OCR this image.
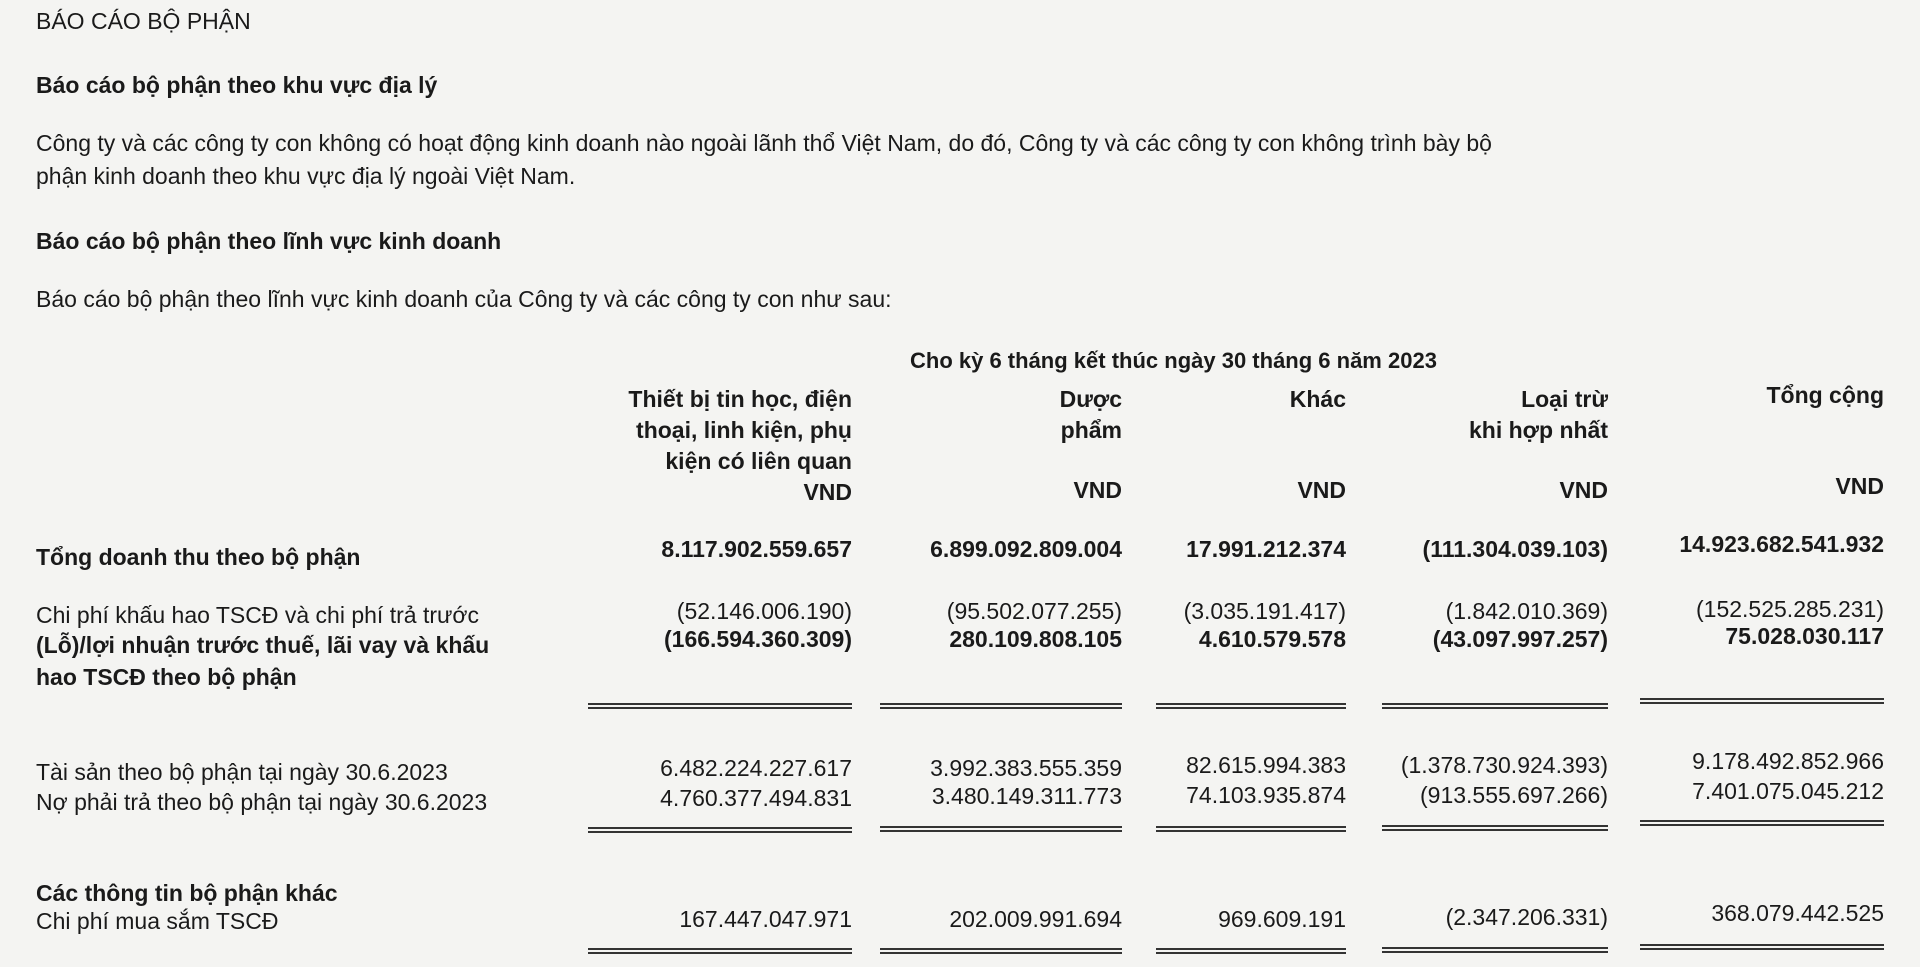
BÁO CÁO BỘ PHẬN
Báo cáo bộ phận theo khu vực địa lý
Công ty và các công ty con không có hoạt động kinh doanh nào ngoài lãnh thổ Việt Nam, do đó, Công ty và các công ty con không trình bày bộ
phận kinh doanh theo khu vực địa lý ngoài Việt Nam.
Báo cáo bộ phận theo lĩnh vực kinh doanh
Báo cáo bộ phận theo lĩnh vực kinh doanh của Công ty và các công ty con như sau:
Cho kỳ 6 tháng kết thúc ngày 30 tháng 6 năm 2023
Thiết bị tin học, điện
thoại, linh kiện, phụ
kiện có liên quan
VND
Dược
phẩm
VND
Khác
VND
Loại trừ
khi hợp nhất
VND
Tổng cộng
VND
Tổng doanh thu theo bộ phận	8.117.902.559.657	6.899.092.809.004	17.991.212.374	(111.304.039.103)	14.923.682.541.932
Chi phí khấu hao TSCĐ và chi phí trả trước	(52.146.006.190)	(95.502.077.255)	(3.035.191.417)	(1.842.010.369)	(152.525.285.231)
(Lỗ)/lợi nhuận trước thuế, lãi vay và khấu
hao TSCĐ theo bộ phận
(166.594.360.309)	280.109.808.105	4.610.579.578	(43.097.997.257)	75.028.030.117
Tài sản theo bộ phận tại ngày 30.6.2023	6.482.224.227.617	3.992.383.555.359	82.615.994.383 (1.378.730.924.393)	9.178.492.852.966
Nợ phải trả theo bộ phận tại ngày 30.6.2023	4.760.377.494.831	3.480.149.311.773	74.103.935.874	(913.555.697.266)	7.401.075.045.212
Các thông tin bộ phận khác
Chi phí mua sắm TSCĐ	167.447.047.971	202.009.991.694	969.609.191	(2.347.206.331)	368.079.442.525
